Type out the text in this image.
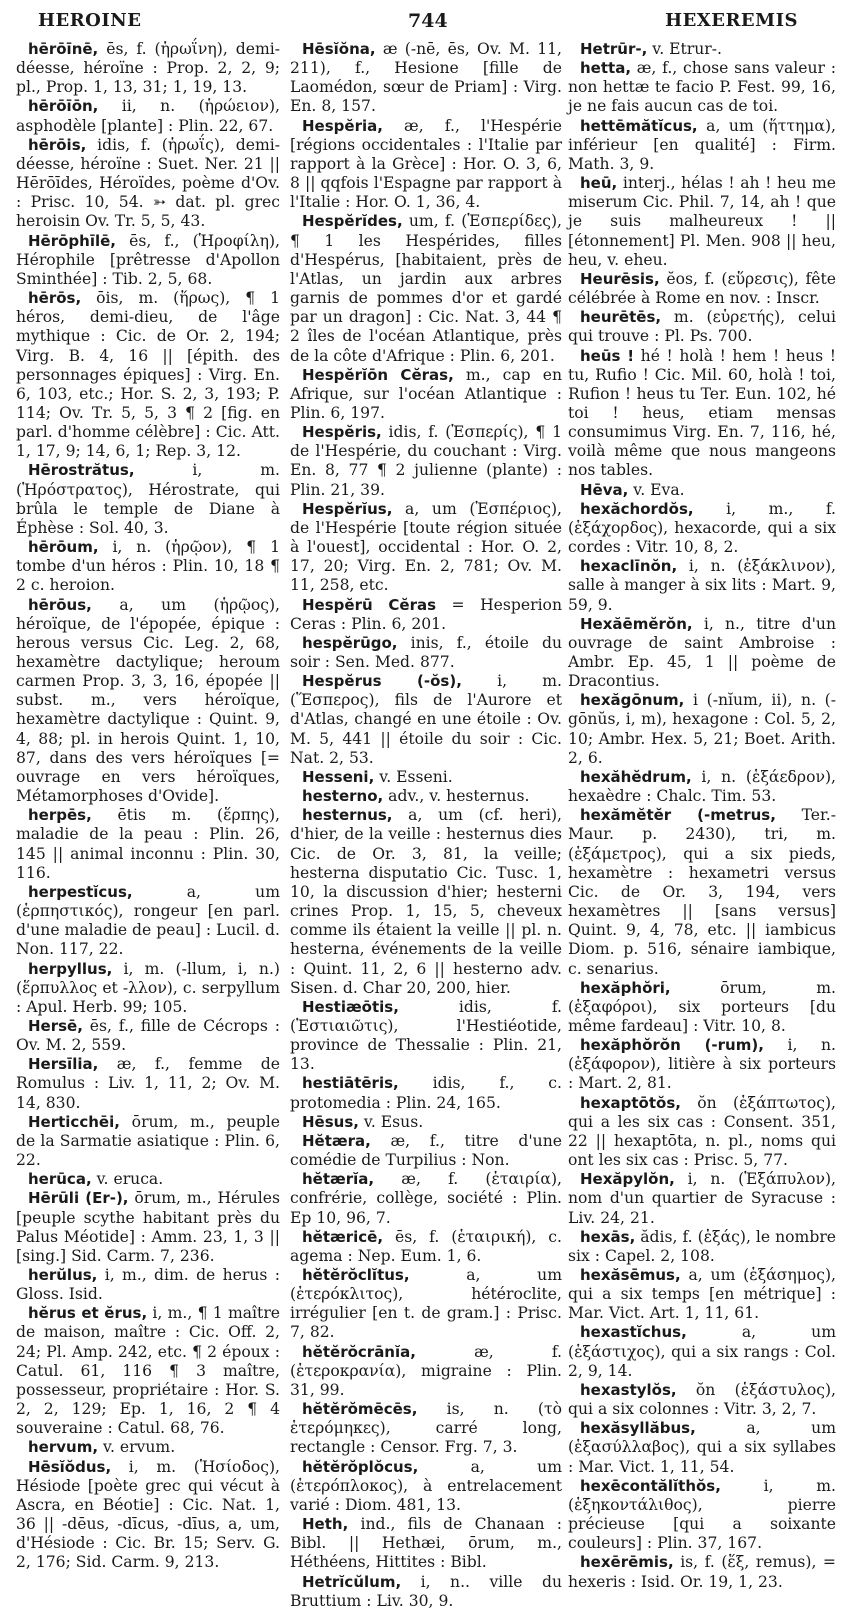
HEROINE	744	HEXEREMIS
hērōīnē, ēs, f. (ἡρωΐνη), demi-déesse, héroïne : Prop. 2, 2, 9; pl., Prop. 1, 13, 31; 1, 19, 13.
hērōīōn, ii, n. (ἡρώειον), asphodèle [plante] : Plin. 22, 67.
hērōis, idis, f. (ἡρωΐς), demi-déesse, héroïne : Suet. Ner. 21 || Hērōīdes, Héroïdes, poème d'Ov. : Prisc. 10, 54. ➳ dat. pl. grec heroisin Ov. Tr. 5, 5, 43.
Hērōphīlē, ēs, f., (Ἡροφίλη), Hérophile [prêtresse d'Apollon Sminthée] : Tib. 2, 5, 68.
hērōs, ōis, m. (ἥρως), ¶ 1 héros, demi-dieu, de l'âge mythique : Cic. de Or. 2, 194; Virg. B. 4, 16 || [épith. des personnages épiques] : Virg. En. 6, 103, etc.; Hor. S. 2, 3, 193; P. 114; Ov. Tr. 5, 5, 3 ¶ 2 [fig. en parl. d'homme célèbre] : Cic. Att. 1, 17, 9; 14, 6, 1; Rep. 3, 12.
Hērostrătus, i, m. (Ἡρόστρατος), Hérostrate, qui brûla le temple de Diane à Éphèse : Sol. 40, 3.
hērōum, i, n. (ἡρῷον), ¶ 1 tombe d'un héros : Plin. 10, 18 ¶ 2 c. heroion.
hērōus, a, um (ἡρῷος), héroïque, de l'épopée, épique : herous versus Cic. Leg. 2, 68, hexamètre dactylique; heroum carmen Prop. 3, 3, 16, épopée || subst. m., vers héroïque, hexamètre dactylique : Quint. 9, 4, 88; pl. in herois Quint. 1, 10, 87, dans des vers héroïques [= ouvrage en vers héroïques, Métamorphoses d'Ovide].
herpēs, ētis m. (ἕρπης), maladie de la peau : Plin. 26, 145 || animal inconnu : Plin. 30, 116.
herpestĭcus, a, um (ἑρπηστικός), rongeur [en parl. d'une maladie de peau] : Lucil. d. Non. 117, 22.
herpyllus, i, m. (-llum, i, n.) (ἕρπυλλος et -λλον), c. serpyllum : Apul. Herb. 99; 105.
Hersē, ēs, f., fille de Cécrops : Ov. M. 2, 559.
Hersīlia, æ, f., femme de Romulus : Liv. 1, 11, 2; Ov. M. 14, 830.
Herticchēi, ōrum, m., peuple de la Sarmatie asiatique : Plin. 6, 22.
herūca, v. eruca.
Hērūli (Er-), ōrum, m., Hérules [peuple scythe habitant près du Palus Méotide] : Amm. 23, 1, 3 || [sing.] Sid. Carm. 7, 236.
herŭlus, i, m., dim. de herus : Gloss. Isid.
hĕrus et ĕrus, i, m., ¶ 1 maître de maison, maître : Cic. Off. 2, 24; Pl. Amp. 242, etc. ¶ 2 époux : Catul. 61, 116 ¶ 3 maître, possesseur, propriétaire : Hor. S. 2, 2, 129; Ep. 1, 16, 2 ¶ 4 souveraine : Catul. 68, 76.
hervum, v. ervum.
Hēsĭŏdus, i, m. (Ἡσίοδος), Hésiode [poète grec qui vécut à Ascra, en Béotie] : Cic. Nat. 1, 36 || -dēus, -dīcus, -dīus, a, um, d'Hésiode : Cic. Br. 15; Serv. G. 2, 176; Sid. Carm. 9, 213.
Hēsĭŏna, æ (-nē, ēs, Ov. M. 11, 211), f., Hesione [fille de Laomédon, sœur de Priam] : Virg. En. 8, 157.
Hespĕria, æ, f., l'Hespérie [régions occidentales : l'Italie par rapport à la Grèce] : Hor. O. 3, 6, 8 || qqfois l'Espagne par rapport à l'Italie : Hor. O. 1, 36, 4.
Hespĕrĭdes, um, f. (Ἑσπερίδες), ¶ 1 les Hespérides, filles d'Hespérus, [habitaient, près de l'Atlas, un jardin aux arbres garnis de pommes d'or et gardé par un dragon] : Cic. Nat. 3, 44 ¶ 2 îles de l'océan Atlantique, près de la côte d'Afrique : Plin. 6, 201.
Hespĕrĭōn Cĕras, m., cap en Afrique, sur l'océan Atlantique : Plin. 6, 197.
Hespĕris, idis, f. (Ἑσπερίς), ¶ 1 de l'Hespérie, du couchant : Virg. En. 8, 77 ¶ 2 julienne (plante) : Plin. 21, 39.
Hespĕrĭus, a, um (Ἑσπέριος), de l'Hespérie [toute région située à l'ouest], occidental : Hor. O. 2, 17, 20; Virg. En. 2, 781; Ov. M. 11, 258, etc.
Hespĕrū Cĕras = Hesperion Ceras : Plin. 6, 201.
hespĕrūgo, inis, f., étoile du soir : Sen. Med. 877.
Hespĕrus (-ŏs), i, m. (Ἕσπερος), fils de l'Aurore et d'Atlas, changé en une étoile : Ov. M. 5, 441 || étoile du soir : Cic. Nat. 2, 53.
Hesseni, v. Esseni.
hesterno, adv., v. hesternus.
hesternus, a, um (cf. heri), d'hier, de la veille : hesternus dies Cic. de Or. 3, 81, la veille; hesterna disputatio Cic. Tusc. 1, 10, la discussion d'hier; hesterni crines Prop. 1, 15, 5, cheveux comme ils étaient la veille || pl. n. hesterna, événements de la veille : Quint. 11, 2, 6 || hesterno adv. Sisen. d. Char 20, 200, hier.
Hestiæōtis, idis, f. (Ἑστιαιῶτις), l'Hestiéotide, province de Thessalie : Plin. 21, 13.
hestiātēris, idis, f., c. protomedia : Plin. 24, 165.
Hēsus, v. Esus.
Hĕtæra, æ, f., titre d'une comédie de Turpilius : Non.
hĕtærĭa, æ, f. (ἑταιρία), confrérie, collège, société : Plin. Ep 10, 96, 7.
hĕtæricē, ēs, f. (ἑταιρική), c. agema : Nep. Eum. 1, 6.
hĕtĕrŏclĭtus, a, um (ἑτερόκλιτος), hétéroclite, irrégulier [en t. de gram.] : Prisc. 7, 82.
hĕtĕrŏcrānĭa, æ, f. (ἑτεροκρανία), migraine : Plin. 31, 99.
hĕtĕrŏmēcēs, is, n. (τὸ ἑτερόμηκες), carré long, rectangle : Censor. Frg. 7, 3.
hĕtĕrŏplŏcus, a, um (ἑτερόπλοκος), à entrelacement varié : Diom. 481, 13.
Heth, ind., fils de Chanaan : Bibl. || Hethæi, ōrum, m., Héthéens, Hittites : Bibl.
Hetrĭcŭlum, i, n.. ville du Bruttium : Liv. 30, 9.
Hetrūr-, v. Etrur-.
hetta, æ, f., chose sans valeur : non hettæ te facio P. Fest. 99, 16, je ne fais aucun cas de toi.
hettēmătĭcus, a, um (ἥττημα), inférieur [en qualité] : Firm. Math. 3, 9.
heū, interj., hélas ! ah ! heu me miserum Cic. Phil. 7, 14, ah ! que je suis malheureux ! || [étonnement] Pl. Men. 908 || heu, heu, v. eheu.
Heurēsis, ĕos, f. (εὕρεσις), fête célébrée à Rome en nov. : Inscr.
heurētēs, m. (εὑρετής), celui qui trouve : Pl. Ps. 700.
heūs ! hé ! holà ! hem ! heus ! tu, Rufio ! Cic. Mil. 60, holà ! toi, Rufion ! heus tu Ter. Eun. 102, hé toi ! heus, etiam mensas consumimus Virg. En. 7, 116, hé, voilà même que nous mangeons nos tables.
Hēva, v. Eva.
hexăchordŏs, i, m., f. (ἑξάχορδος), hexacorde, qui a six cordes : Vitr. 10, 8, 2.
hexaclīnŏn, i, n. (ἑξάκλινον), salle à manger à six lits : Mart. 9, 59, 9.
Hexăēmĕrŏn, i, n., titre d'un ouvrage de saint Ambroise : Ambr. Ep. 45, 1 || poème de Dracontius.
hexăgōnum, i (-nĭum, ii), n. (-gōnŭs, i, m), hexagone : Col. 5, 2, 10; Ambr. Hex. 5, 21; Boet. Arith. 2, 6.
hexăhĕdrum, i, n. (ἑξάεδρον), hexaèdre : Chalc. Tim. 53.
hexămĕtĕr (-metrus, Ter.-Maur. p. 2430), tri, m. (ἑξάμετρος), qui a six pieds, hexamètre : hexametri versus Cic. de Or. 3, 194, vers hexamètres || [sans versus] Quint. 9, 4, 78, etc. || iambicus Diom. p. 516, sénaire iambique, c. senarius.
hexăphŏri, ōrum, m. (ἑξαφόροι), six porteurs [du même fardeau] : Vitr. 10, 8.
hexăphŏrŏn (-rum), i, n. (ἑξάφορον), litière à six porteurs : Mart. 2, 81.
hexaptōtŏs, ŏn (ἑξάπτωτος), qui a les six cas : Consent. 351, 22 || hexaptōta, n. pl., noms qui ont les six cas : Prisc. 5, 77.
Hexăpylŏn, i, n. (Ἑξάπυλον), nom d'un quartier de Syracuse : Liv. 24, 21.
hexās, ădis, f. (ἑξάς), le nombre six : Capel. 2, 108.
hexăsēmus, a, um (ἑξάσημος), qui a six temps [en métrique] : Mar. Vict. Art. 1, 11, 61.
hexastĭchus, a, um (ἑξάστιχος), qui a six rangs : Col. 2, 9, 14.
hexastylŏs, ŏn (ἑξάστυλος), qui a six colonnes : Vitr. 3, 2, 7.
hexăsyllăbus, a, um (ἑξασύλλαβος), qui a six syllabes : Mar. Vict. 1, 11, 54.
hexēcontălĭthŏs, i, m. (ἑξηκοντάλιθος), pierre précieuse [qui a soixante couleurs] : Plin. 37, 167.
hexērēmis, is, f. (ἕξ, remus), = hexeris : Isid. Or. 19, 1, 23.
